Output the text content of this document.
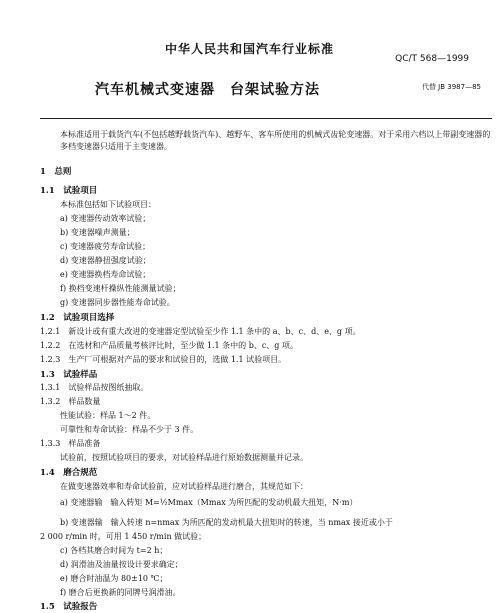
中华人民共和国汽车行业标准
QC/T 568—1999
汽车机械式变速器　台架试验方法	代替 JB 3987—85
本标准适用于载货汽车(不包括越野载货汽车)、越野车、客车所使用的机械式齿轮变速器。对于采用六档以上带副变速器的多档变速器只适用于主变速器。
1　总则
1.1　试验项目
本标准包括如下试验项目：
a) 变速器传动效率试验；
b) 变速器噪声测量；
c) 变速器疲劳寿命试验；
d) 变速器静扭强度试验；
e) 变速器换档寿命试验；
f) 换档变速杆操纵性能测量试验；
g) 变速器同步器性能寿命试验。
1.2　试验项目选择
1.2.1　新设计或有重大改进的变速器定型试验至少作 1.1 条中的 a、b、c、d、e、g 项。
1.2.2　在选材和产品质量考核评比时，至少做 1.1 条中的 b、c、g 项。
1.2.3　生产厂可根据对产品的要求和试验目的，选做 1.1 试验项目。
1.3　试验样品
1.3.1　试验样品按图纸抽取。
1.3.2　样品数量
性能试验：样品 1～2 件。
可靠性和寿命试验：样品不少于 3 件。
1.3.3　样品准备
试验前，按照试验项目的要求，对试验样品进行原始数据测量并记录。
1.4　磨合规范
在做变速器效率和寿命试验前，应对试验样品进行磨合，其规范如下：
a) 变速器输　输入转矩 M=½Mmax（Mmax 为所匹配的发动机最大扭矩，N·m）
b) 变速器输　输入转速 n=nmax 为所匹配的发动机最大扭矩时的转速，当 nmax 接近或小于
2 000 r/min 时，可用 1 450 r/min 做试验；
c) 各档其磨合时间为 t=2 h；
d) 润滑油及油量按设计要求确定；
e) 磨合时油温为 80±10 ℃；
f) 磨合后更换新的同牌号润滑油。
1.5　试验报告
